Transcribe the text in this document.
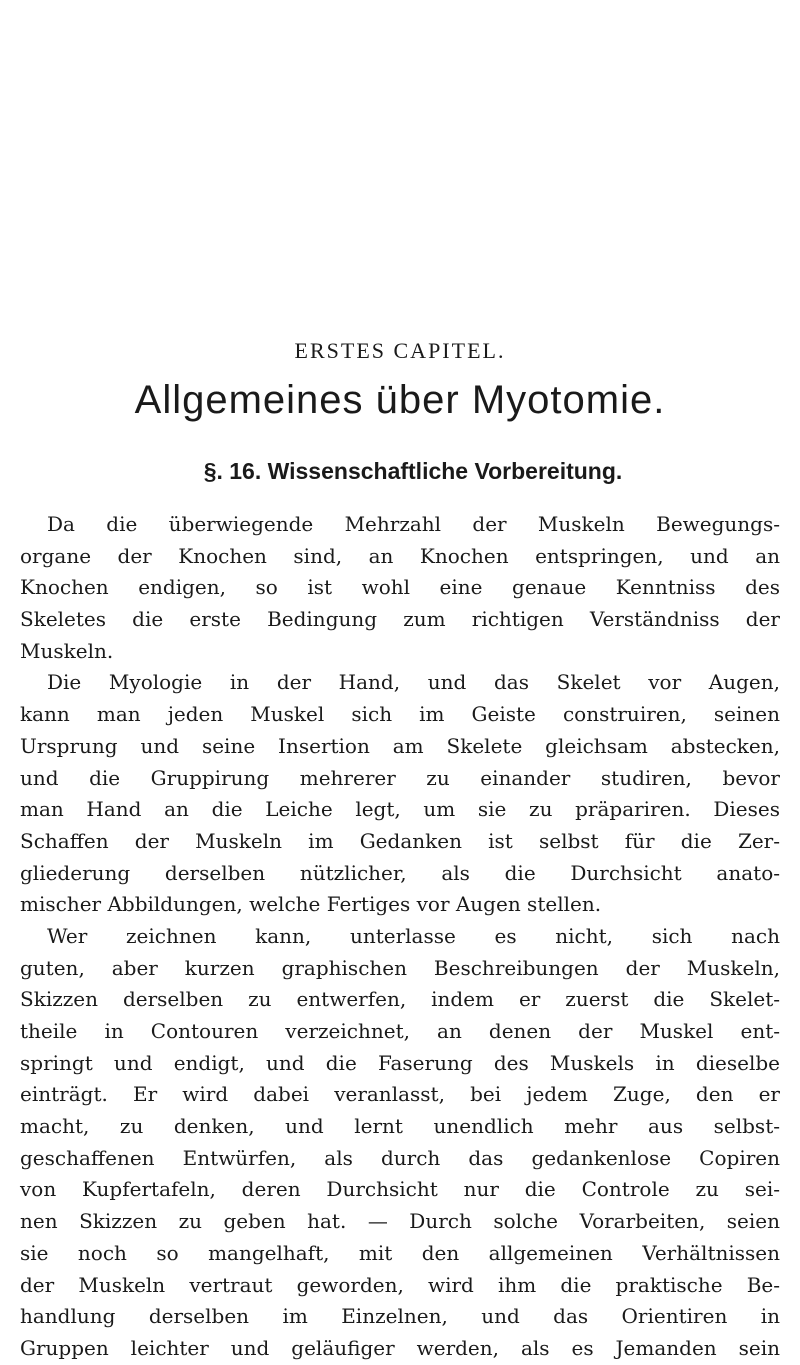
ERSTES CAPITEL.
Allgemeines über Myotomie.
§. 16. Wissenschaftliche Vorbereitung.
Da die überwiegende Mehrzahl der Muskeln Bewegungs-
organe der Knochen sind, an Knochen entspringen, und an
Knochen endigen, so ist wohl eine genaue Kenntniss des
Skeletes die erste Bedingung zum richtigen Verständniss der
Muskeln.
Die Myologie in der Hand, und das Skelet vor Augen,
kann man jeden Muskel sich im Geiste construiren, seinen
Ursprung und seine Insertion am Skelete gleichsam abstecken,
und die Gruppirung mehrerer zu einander studiren, bevor
man Hand an die Leiche legt, um sie zu präpariren. Dieses
Schaffen der Muskeln im Gedanken ist selbst für die Zer-
gliederung derselben nützlicher, als die Durchsicht anato-
mischer Abbildungen, welche Fertiges vor Augen stellen.
Wer zeichnen kann, unterlasse es nicht, sich nach
guten, aber kurzen graphischen Beschreibungen der Muskeln,
Skizzen derselben zu entwerfen, indem er zuerst die Skelet-
theile in Contouren verzeichnet, an denen der Muskel ent-
springt und endigt, und die Faserung des Muskels in dieselbe
einträgt. Er wird dabei veranlasst, bei jedem Zuge, den er
macht, zu denken, und lernt unendlich mehr aus selbst-
geschaffenen Entwürfen, als durch das gedankenlose Copiren
von Kupfertafeln, deren Durchsicht nur die Controle zu sei-
nen Skizzen zu geben hat. — Durch solche Vorarbeiten, seien
sie noch so mangelhaft, mit den allgemeinen Verhältnissen
der Muskeln vertraut geworden, wird ihm die praktische Be-
handlung derselben im Einzelnen, und das Orientiren in
Gruppen leichter und geläufiger werden, als es Jemanden sein
